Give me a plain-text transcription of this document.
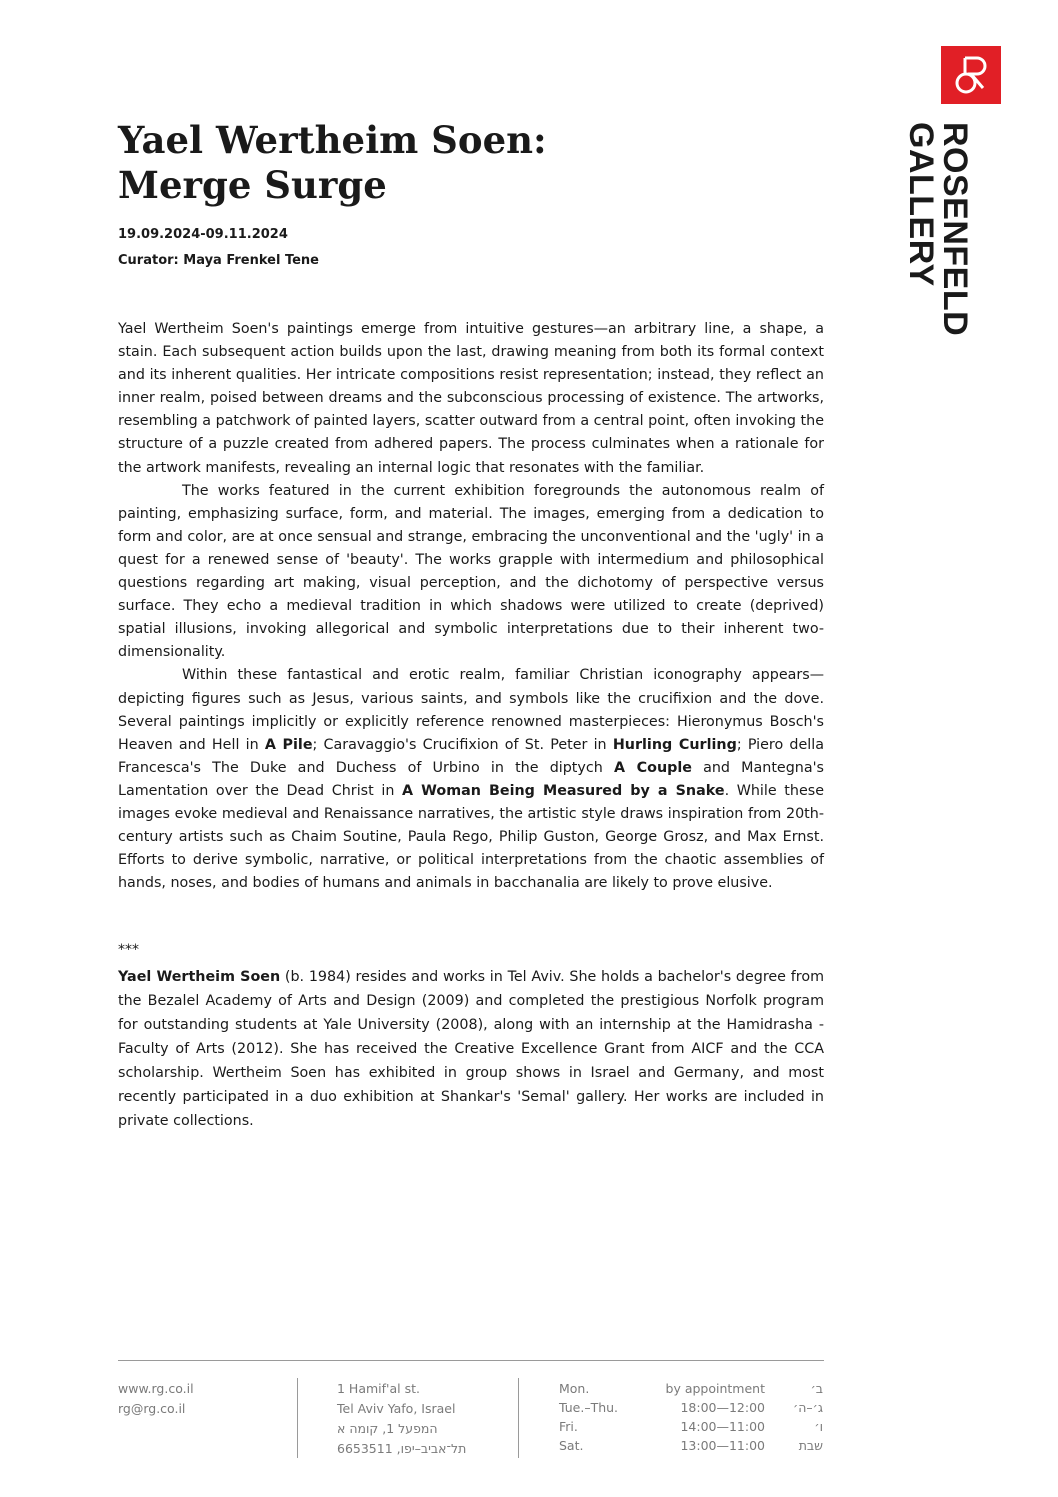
ROSENFELD
GALLERY
Yael Wertheim Soen:
Merge Surge
19.09.2024-09.11.2024
Curator: Maya Frenkel Tene

Yael Wertheim Soen's paintings emerge from intuitive gestures—an arbitrary line, a shape, a stain. Each subsequent action builds upon the last, drawing meaning from both its formal context and its inherent qualities. Her intricate compositions resist representation; instead, they reflect an inner realm, poised between dreams and the subconscious processing of existence. The artworks, resembling a patchwork of painted layers, scatter outward from a central point, often invoking the structure of a puzzle created from adhered papers. The process culminates when a rationale for the artwork manifests, revealing an internal logic that resonates with the familiar.

The works featured in the current exhibition foregrounds the autonomous realm of painting, emphasizing surface, form, and material. The images, emerging from a dedication to form and color, are at once sensual and strange, embracing the unconventional and the 'ugly' in a quest for a renewed sense of 'beauty'. The works grapple with intermedium and philosophical questions regarding art making, visual perception, and the dichotomy of perspective versus surface. They echo a medieval tradition in which shadows were utilized to create (deprived) spatial illusions, invoking allegorical and symbolic interpretations due to their inherent two-dimensionality.

Within these fantastical and erotic realm, familiar Christian iconography appears—depicting figures such as Jesus, various saints, and symbols like the crucifixion and the dove. Several paintings implicitly or explicitly reference renowned masterpieces: Hieronymus Bosch's Heaven and Hell in A Pile; Caravaggio's Crucifixion of St. Peter in Hurling Curling; Piero della Francesca's The Duke and Duchess of Urbino in the diptych A Couple and Mantegna's Lamentation over the Dead Christ in A Woman Being Measured by a Snake. While these images evoke medieval and Renaissance narratives, the artistic style draws inspiration from 20th-century artists such as Chaim Soutine, Paula Rego, Philip Guston, George Grosz, and Max Ernst. Efforts to derive symbolic, narrative, or political interpretations from the chaotic assemblies of hands, noses, and bodies of humans and animals in bacchanalia are likely to prove elusive.

***

Yael Wertheim Soen (b. 1984) resides and works in Tel Aviv. She holds a bachelor's degree from the Bezalel Academy of Arts and Design (2009) and completed the prestigious Norfolk program for outstanding students at Yale University (2008), along with an internship at the Hamidrasha - Faculty of Arts (2012). She has received the Creative Excellence Grant from AICF and the CCA scholarship. Wertheim Soen has exhibited in group shows in Israel and Germany, and most recently participated in a duo exhibition at Shankar's 'Semal' gallery. Her works are included in private collections.

www.rg.co.il
rg@rg.co.il
1 Hamif'al st.
Tel Aviv Yafo, Israel
המפעל 1, קומה א
תל־אביב–יפו, 6653511
Mon.	by appointment	ב׳
Tue.–Thu.	18:00—12:00 ג׳–ה׳
Fri.	14:00—11:00	ו׳
Sat.	13:00—11:00	שבת
